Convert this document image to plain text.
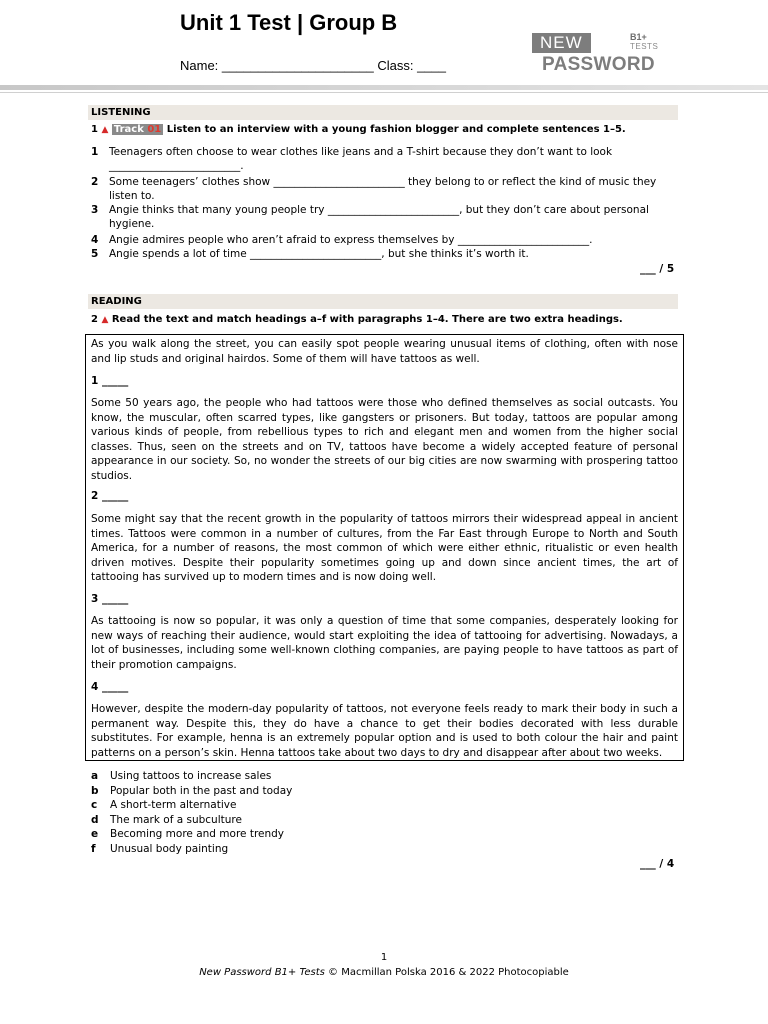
Unit 1 Test | Group B
Name: _____________________ Class: ____
NEW	B1+
TESTS
PASSWORD
LISTENING
1 ▲ Track 01 Listen to an interview with a young fashion blogger and complete sentences 1–5.
1 Teenagers often choose to wear clothes like jeans and a T-shirt because they don’t want to look _________________________.
2 Some teenagers’ clothes show _________________________ they belong to or reflect the kind of music they listen to.
3 Angie thinks that many young people try _________________________, but they don’t care about personal hygiene.
4 Angie admires people who aren’t afraid to express themselves by _________________________.
5 Angie spends a lot of time _________________________, but she thinks it’s worth it.
___ / 5
READING
2 ▲ Read the text and match headings a–f with paragraphs 1–4. There are two extra headings.
As you walk along the street, you can easily spot people wearing unusual items of clothing, often with nose and lip studs and original hairdos. Some of them will have tattoos as well.
1 _____
Some 50 years ago, the people who had tattoos were those who defined themselves as social outcasts. You know, the muscular, often scarred types, like gangsters or prisoners. But today, tattoos are popular among various kinds of people, from rebellious types to rich and elegant men and women from the higher social classes. Thus, seen on the streets and on TV, tattoos have become a widely accepted feature of personal appearance in our society. So, no wonder the streets of our big cities are now swarming with prospering tattoo studios.
2 _____
Some might say that the recent growth in the popularity of tattoos mirrors their widespread appeal in ancient times. Tattoos were common in a number of cultures, from the Far East through Europe to North and South America, for a number of reasons, the most common of which were either ethnic, ritualistic or even health driven motives. Despite their popularity sometimes going up and down since ancient times, the art of tattooing has survived up to modern times and is now doing well.
3 _____
As tattooing is now so popular, it was only a question of time that some companies, desperately looking for new ways of reaching their audience, would start exploiting the idea of tattooing for advertising. Nowadays, a lot of businesses, including some well-known clothing companies, are paying people to have tattoos as part of their promotion campaigns.
4 _____
However, despite the modern-day popularity of tattoos, not everyone feels ready to mark their body in such a permanent way. Despite this, they do have a chance to get their bodies decorated with less durable substitutes. For example, henna is an extremely popular option and is used to both colour the hair and paint patterns on a person’s skin. Henna tattoos take about two days to dry and disappear after about two weeks.
a Using tattoos to increase sales
b Popular both in the past and today
c A short-term alternative
d The mark of a subculture
e Becoming more and more trendy
f Unusual body painting
___ / 4
1
New Password B1+ Tests © Macmillan Polska 2016 & 2022 Photocopiable
